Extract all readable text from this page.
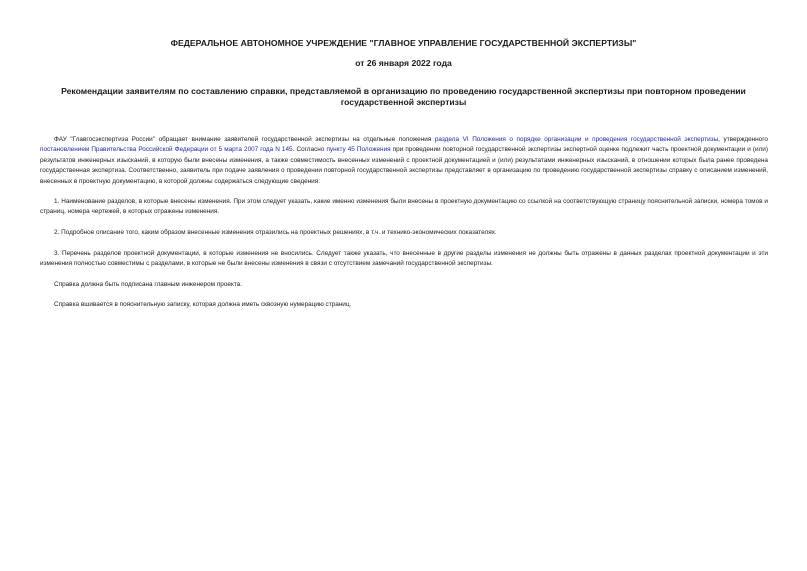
ФЕДЕРАЛЬНОЕ АВТОНОМНОЕ УЧРЕЖДЕНИЕ "ГЛАВНОЕ УПРАВЛЕНИЕ ГОСУДАРСТВЕННОЙ ЭКСПЕРТИЗЫ"
от 26 января 2022 года
Рекомендации заявителям по составлению справки, представляемой в организацию по проведению государственной экспертизы при повторном проведении государственной экспертизы
ФАУ "Главгосэкспертиза России" обращает внимание заявителей государственной экспертизы на отдельные положения раздела VI Положения о порядке организации и проведения государственной экспертизы, утвержденного постановлением Правительства Российской Федерации от 5 марта 2007 года N 145. Согласно пункту 45 Положения при проведении повторной государственной экспертизы экспертной оценке подлежит часть проектной документации и (или) результатов инженерных изысканий, в которую были внесены изменения, а также совместимость внесенных изменений с проектной документацией и (или) результатами инженерных изысканий, в отношении которых была ранее проведена государственная экспертиза. Соответственно, заявитель при подаче заявления о проведении повторной государственной экспертизы представляет в организацию по проведению государственной экспертизы справку с описанием изменений, внесенных в проектную документацию, в которой должны содержаться следующие сведения:
1. Наименование разделов, в которые внесены изменения. При этом следует указать, какие именно изменения были внесены в проектную документацию со ссылкой на соответствующую страницу пояснительной записки, номера томов и страниц, номера чертежей, в которых отражены изменения.
2. Подробное описание того, каким образом внесенные изменения отразились на проектных решениях, в т.ч. и технико-экономических показателях.
3. Перечень разделов проектной документации, в которые изменения не вносились. Следует также указать, что внесенные в другие разделы изменения не должны быть отражены в данных разделах проектной документации и эти изменения полностью совместимы с разделами, в которые не были внесены изменения в связи с отсутствием замечаний государственной экспертизы.
Справка должна быть подписана главным инженером проекта.
Справка вшивается в пояснительную записку, которая должна иметь сквозную нумерацию страниц.
